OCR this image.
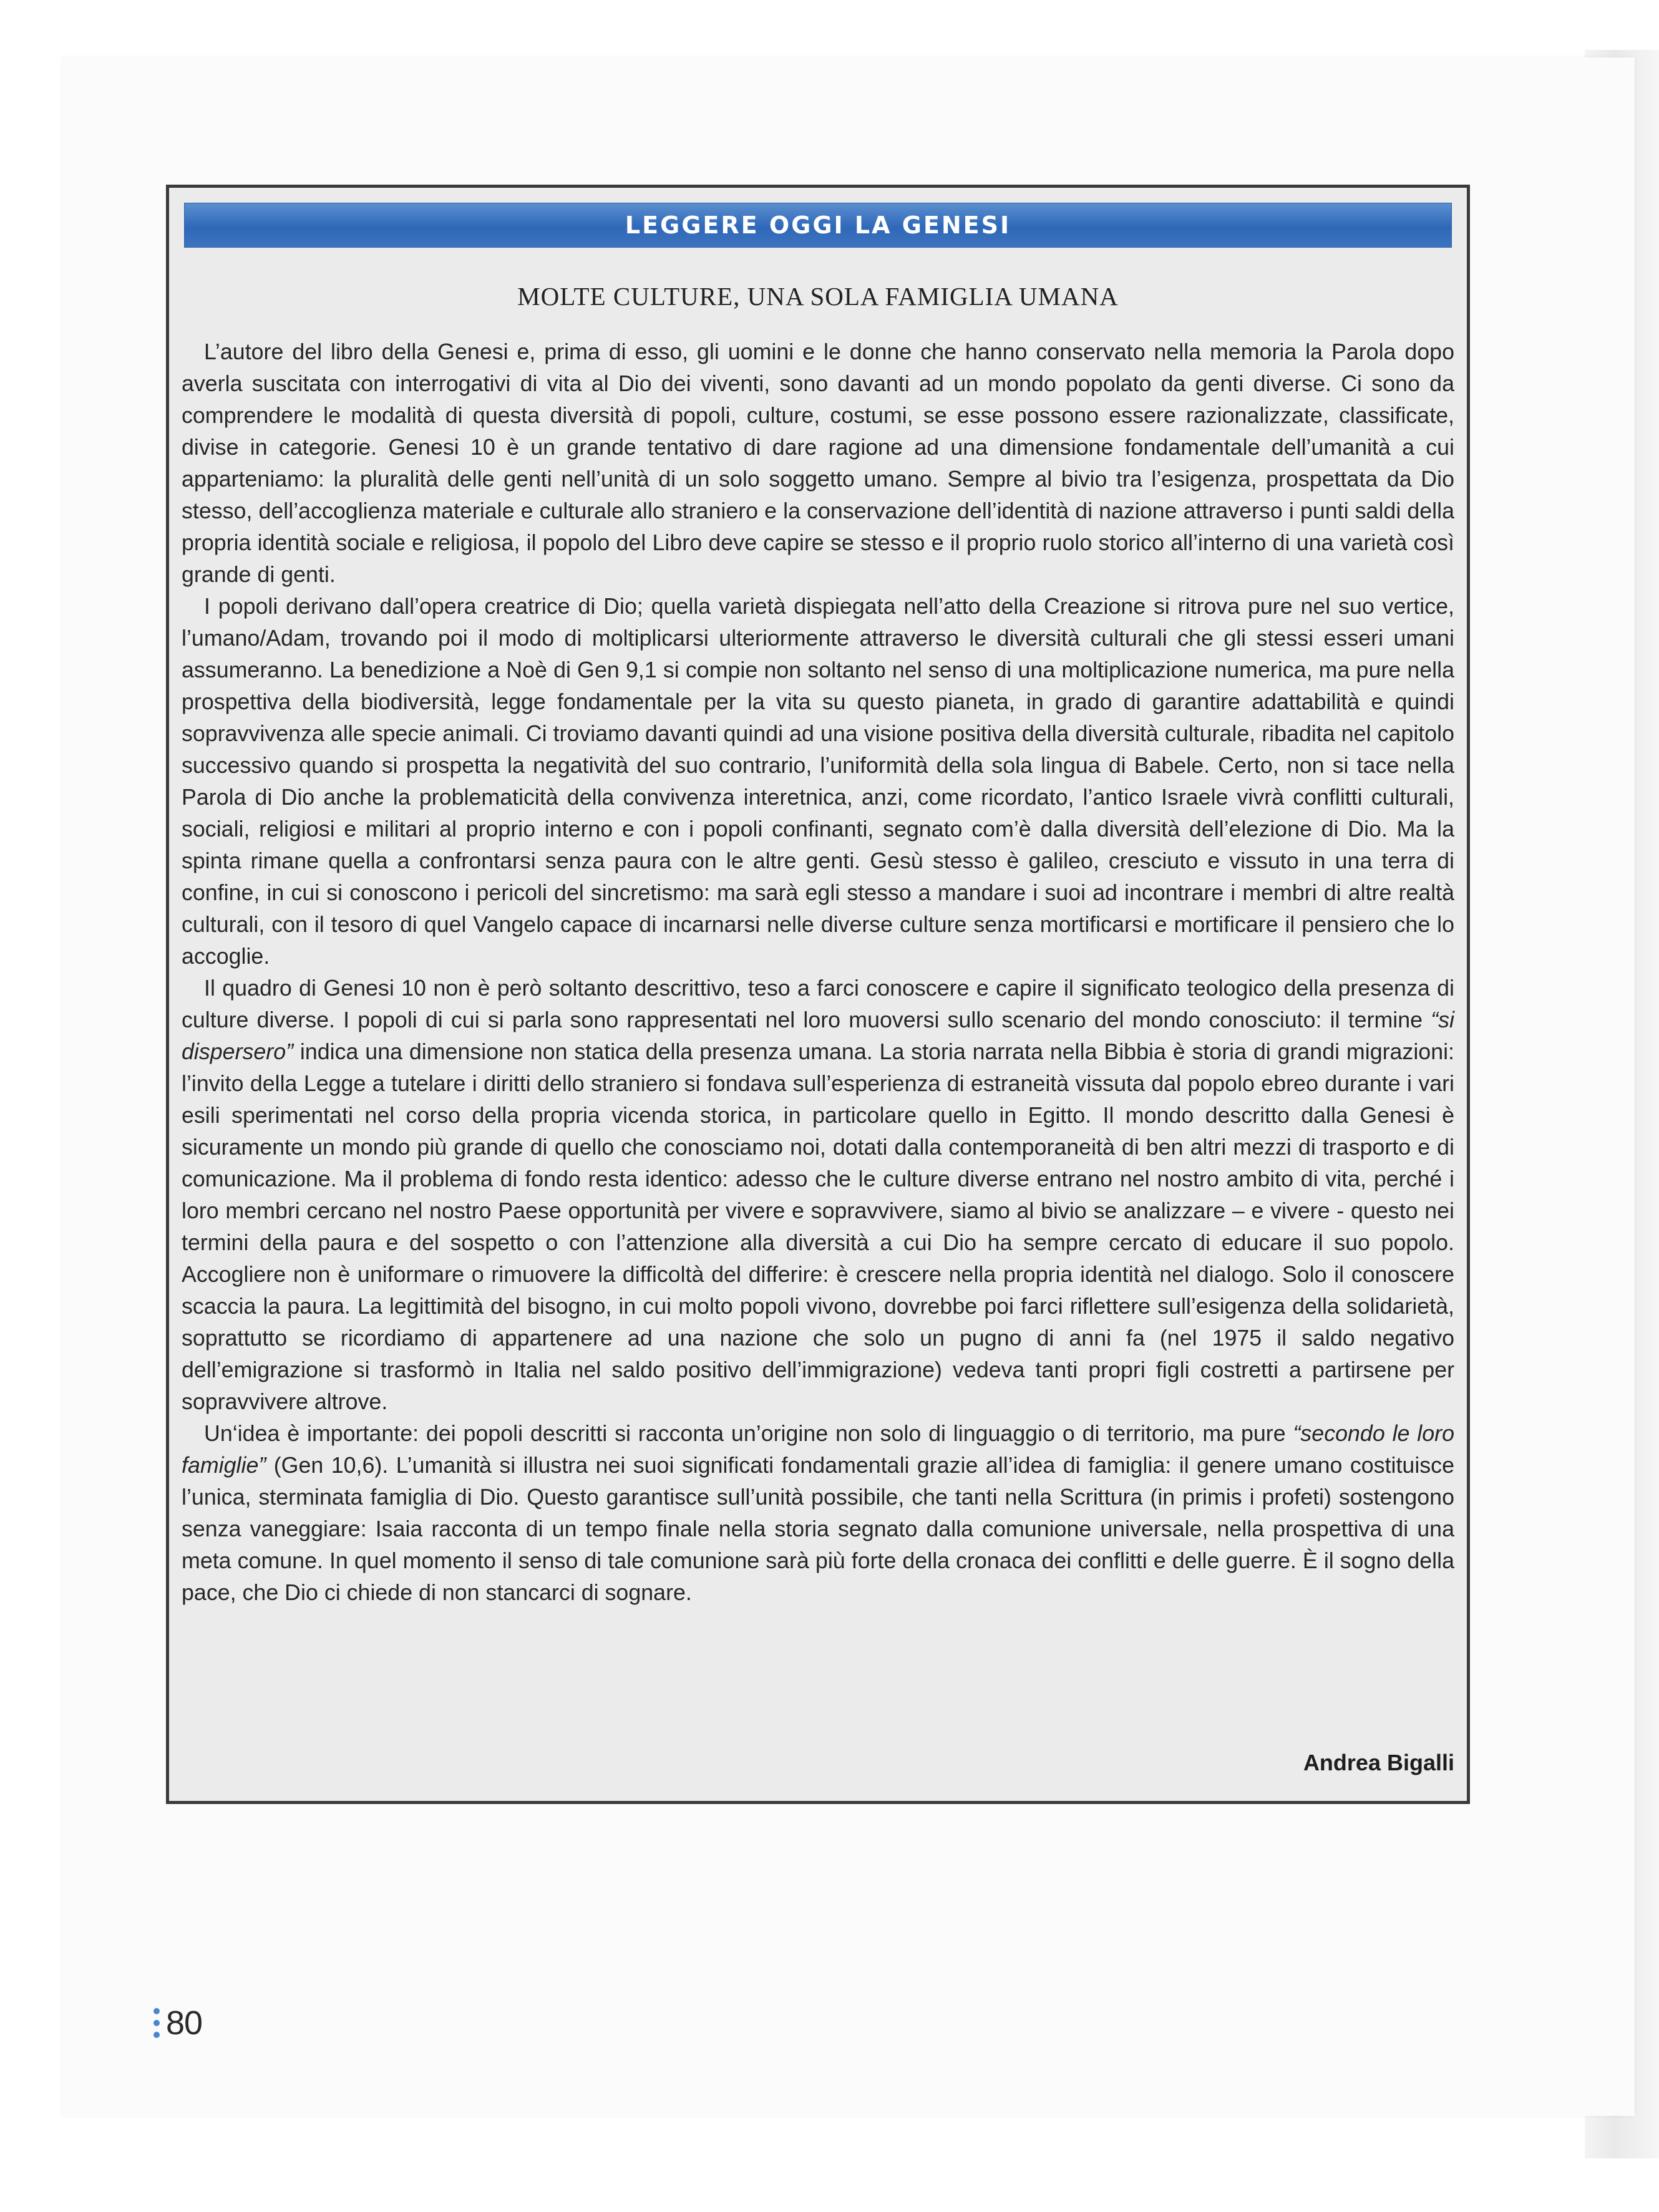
LEGGERE OGGI LA GENESI
MOLTE CULTURE, UNA SOLA FAMIGLIA UMANA

L’autore del libro della Genesi e, prima di esso, gli uomini e le donne che hanno conservato nella memoria la Parola dopo averla suscitata con interrogativi di vita al Dio dei viventi, sono davanti ad un mondo popolato da genti diverse. Ci sono da comprendere le modalità di questa diversità di popoli, culture, costumi, se esse possono essere razionalizzate, classificate, divise in categorie. Genesi 10 è un grande tentativo di dare ragione ad una dimensione fondamentale dell’umanità a cui apparteniamo: la pluralità delle genti nell’unità di un solo soggetto umano. Sempre al bivio tra l’esigenza, prospettata da Dio stesso, dell’accoglienza materiale e culturale allo straniero e la conservazione dell’identità di nazione attraverso i punti saldi della propria identità sociale e religiosa, il popolo del Libro deve capire se stesso e il proprio ruolo storico all’interno di una varietà così grande di genti.

I popoli derivano dall’opera creatrice di Dio; quella varietà dispiegata nell’atto della Creazione si ritrova pure nel suo vertice, l’umano/Adam, trovando poi il modo di moltiplicarsi ulteriormente attraverso le diversità culturali che gli stessi esseri umani assumeranno. La benedizione a Noè di Gen 9,1 si compie non soltanto nel senso di una moltiplicazione numerica, ma pure nella prospettiva della biodiversità, legge fondamentale per la vita su questo pianeta, in grado di garantire adattabilità e quindi sopravvivenza alle specie animali. Ci troviamo davanti quindi ad una visione positiva della diversità culturale, ribadita nel capitolo successivo quando si prospetta la negatività del suo contrario, l’uniformità della sola lingua di Babele. Certo, non si tace nella Parola di Dio anche la problematicità della convivenza interetnica, anzi, come ricordato, l’antico Israele vivrà conflitti culturali, sociali, religiosi e militari al proprio interno e con i popoli confinanti, segnato com’è dalla diversità dell’elezione di Dio. Ma la spinta rimane quella a confrontarsi senza paura con le altre genti. Gesù stesso è galileo, cresciuto e vissuto in una terra di confine, in cui si conoscono i pericoli del sincretismo: ma sarà egli stesso a mandare i suoi ad incontrare i membri di altre realtà culturali, con il tesoro di quel Vangelo capace di incarnarsi nelle diverse culture senza mortificarsi e mortificare il pensiero che lo accoglie.

Il quadro di Genesi 10 non è però soltanto descrittivo, teso a farci conoscere e capire il significato teologico della presenza di culture diverse. I popoli di cui si parla sono rappresentati nel loro muoversi sullo scenario del mondo conosciuto: il termine “si dispersero” indica una dimensione non statica della presenza umana. La storia narrata nella Bibbia è storia di grandi migrazioni: l’invito della Legge a tutelare i diritti dello straniero si fondava sull’esperienza di estraneità vissuta dal popolo ebreo durante i vari esili sperimentati nel corso della propria vicenda storica, in particolare quello in Egitto. Il mondo descritto dalla Genesi è sicuramente un mondo più grande di quello che conosciamo noi, dotati dalla contemporaneità di ben altri mezzi di trasporto e di comunicazione. Ma il problema di fondo resta identico: adesso che le culture diverse entrano nel nostro ambito di vita, perché i loro membri cercano nel nostro Paese opportunità per vivere e sopravvivere, siamo al bivio se analizzare – e vivere - questo nei termini della paura e del sospetto o con l’attenzione alla diversità a cui Dio ha sempre cercato di educare il suo popolo. Accogliere non è uniformare o rimuovere la difficoltà del differire: è crescere nella propria identità nel dialogo. Solo il conoscere scaccia la paura. La legittimità del bisogno, in cui molto popoli vivono, dovrebbe poi farci riflettere sull’esigenza della solidarietà, soprattutto se ricordiamo di appartenere ad una nazione che solo un pugno di anni fa (nel 1975 il saldo negativo dell’emigrazione si trasformò in Italia nel saldo positivo dell’immigrazione) vedeva tanti propri figli costretti a partirsene per sopravvivere altrove.

Un‘idea è importante: dei popoli descritti si racconta un’origine non solo di linguaggio o di territorio, ma pure “secondo le loro famiglie” (Gen 10,6). L’umanità si illustra nei suoi significati fondamentali grazie all’idea di famiglia: il genere umano costituisce l’unica, sterminata famiglia di Dio. Questo garantisce sull’unità possibile, che tanti nella Scrittura (in primis i profeti) sostengono senza vaneggiare: Isaia racconta di un tempo finale nella storia segnato dalla comunione universale, nella prospettiva di una meta comune. In quel momento il senso di tale comunione sarà più forte della cronaca dei conflitti e delle guerre. È il sogno della pace, che Dio ci chiede di non stancarci di sognare.

Andrea Bigalli
80
